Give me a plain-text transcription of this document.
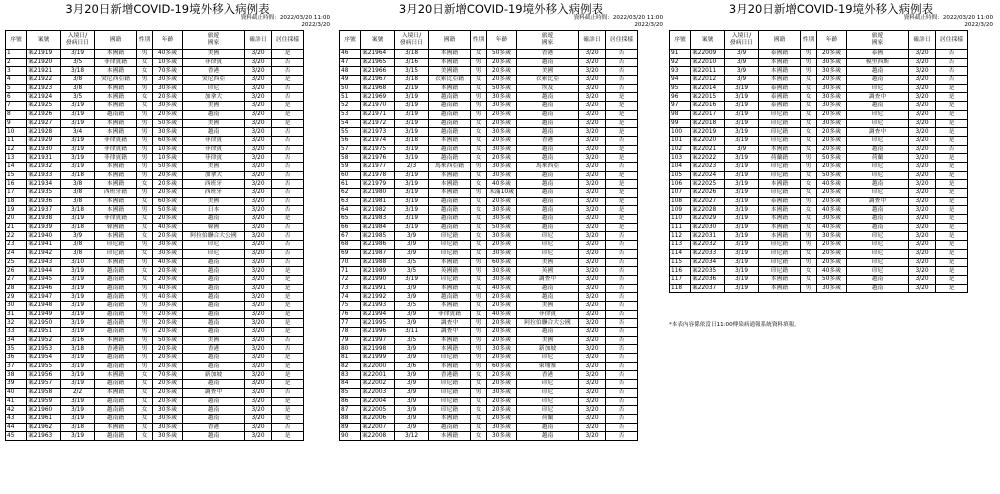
3月20日新增COVID-19境外移入病例表
資料截止時間：2022/03/20 11:00
2022/3/20
序號	案號	入境日/
發病日日	國籍	性別	年齡	旅遊
國家	確診日	居住採樣
1	案21919	3/19	本國籍	男	40多歲	美國	3/20	是
2	案21920	3/5	菲律賓籍	女	10多歲	菲律賓	3/20	否
3	案21921	3/18	本國籍	女	70多歲	香港	3/20	否
4	案21922	3/8	突尼西亞籍	男	30多歲	突尼西亞	3/20	是
5	案21923	3/8	本國籍	男	30多歲	印尼	3/20	否
6	案21924	3/5	本國籍	女	20多歲	加拿大	3/20	否
7	案21925	3/19	本國籍	女	30多歲	美國	3/20	是
8	案21926	3/19	越南籍	男	20多歲	越南	3/20	是
9	案21927	3/19	本國籍	男	50多歲	美國	3/20	是
10	案21928	3/4	本國籍	男	30多歲	越南	3/20	否
11	案21929	3/19	菲律賓籍	男	60多歲	菲律賓	3/20	否
12	案21930	3/19	菲律賓籍	男	10多歲	菲律賓	3/20	否
13	案21931	3/19	菲律賓籍	男	10多歲	菲律賓	3/20	否
14	案21932	3/19	本國籍	男	50多歲	美國	3/20	否
15	案21933	3/18	本國籍	男	20多歲	加拿大	3/20	否
16	案21934	3/8	本國籍	女	20多歲	西班牙	3/20	否
17	案21935	3/8	西班牙籍	男	20多歲	西班牙	3/20	否
18	案21936	3/8	本國籍	女	60多歲	美國	3/20	否
19	案21937	3/18	本國籍	男	50多歲	日本	3/20	否
20	案21938	3/19	菲律賓籍	女	20多歲	越南	3/20	是
21	案21939	3/18	韓國籍	女	40多歲	韓國	3/20	否
22	案21940	3/9	本國籍	女	20多歲	阿拉伯聯合大公國	3/20	否
23	案21941	3/8	印尼籍	男	30多歲	印尼	3/20	否
24	案21942	3/8	印尼籍	女	30多歲	印尼	3/20	否
25	案21943	3/10	本國籍	男	40多歲	越南	3/20	否
26	案21944	3/19	越南籍	女	20多歲	越南	3/20	是
27	案21945	3/19	越南籍	女	20多歲	越南	3/20	是
28	案21946	3/19	越南籍	男	40多歲	越南	3/20	是
29	案21947	3/19	越南籍	男	40多歲	越南	3/20	是
30	案21948	3/19	越南籍	男	30多歲	越南	3/20	是
31	案21949	3/19	越南籍	男	20多歲	越南	3/20	是
32	案21950	3/19	越南籍	男	20多歲	越南	3/20	是
33	案21951	3/19	越南籍	男	20多歲	越南	3/20	是
34	案21952	3/16	本國籍	男	50多歲	美國	3/20	否
35	案21953	3/18	香港籍	男	20多歲	香港	3/20	否
36	案21954	3/19	越南籍	男	20多歲	越南	3/20	是
37	案21955	3/19	越南籍	男	20多歲	越南	3/20	是
38	案21956	3/19	本國籍	女	70多歲	新加坡	3/20	是
39	案21957	3/19	越南籍	女	20多歲	越南	3/20	是
40	案21958	2/2	本國籍	女	20多歲	調查中	3/20	否
41	案21959	3/19	越南籍	女	20多歲	越南	3/20	是
42	案21960	3/19	越南籍	女	30多歲	越南	3/20	是
43	案21961	3/19	越南籍	女	30多歲	越南	3/20	是
44	案21962	3/18	本國籍	女	30多歲	香港	3/20	否
45	案21963	3/19	越南籍	女	30多歲	越南	3/20	是
3月20日新增COVID-19境外移入病例表
資料截止時間：2022/03/20 11:00
2022/3/20
序號	案號	入境日/
發病日日	國籍	性別	年齡	旅遊
國家	確診日	居住採樣
46	案21964	3/18	本國籍	女	50多歲	香港	3/20	否
47	案21965	3/16	本國籍	男	20多歲	越南	3/20	否
48	案21966	3/15	美國籍	男	20多歲	美國	3/20	否
49	案21967	3/18	衣索比亞籍	女	20多歲	衣索比亞	3/20	否
50	案21968	2/19	本國籍	女	50多歲	埃及	3/20	否
51	案21969	3/19	越南籍	男	30多歲	越南	3/20	是
52	案21970	3/19	越南籍	男	30多歲	越南	3/20	是
53	案21971	3/19	越南籍	男	20多歲	越南	3/20	是
54	案21972	3/19	越南籍	女	20多歲	越南	3/20	是
55	案21973	3/19	越南籍	女	30多歲	越南	3/20	是
56	案21974	3/18	本國籍	女	20多歲	香港	3/20	否
57	案21975	3/19	越南籍	女	30多歲	越南	3/20	是
58	案21976	3/19	越南籍	女	20多歲	越南	3/20	是
59	案21977	2/3	馬來西亞籍	男	30多歲	馬來西亞	3/20	否
60	案21978	3/19	本國籍	女	30多歲	越南	3/20	是
61	案21979	3/19	本國籍	女	40多歲	越南	3/20	是
62	案21980	3/19	本國籍	男	未滿10歲	越南	3/20	是
63	案21981	3/19	越南籍	女	20多歲	越南	3/20	是
64	案21982	3/19	越南籍	女	30多歲	越南	3/20	是
65	案21983	3/19	越南籍	女	30多歲	越南	3/20	是
66	案21984	3/19	越南籍	女	50多歲	越南	3/20	是
67	案21985	3/9	印尼籍	女	30多歲	印尼	3/20	否
68	案21986	3/9	印尼籍	女	20多歲	印尼	3/20	否
69	案21987	3/9	印尼籍	女	30多歲	印尼	3/20	否
70	案21988	3/5	本國籍	男	60多歲	美國	3/20	否
71	案21989	3/5	英國籍	男	30多歲	英國	3/20	否
72	案21990	3/19	印尼籍	女	30多歲	調查中	3/20	否
73	案21991	3/9	本國籍	女	40多歲	越南	3/20	否
74	案21992	3/9	越南籍	男	20多歲	越南	3/20	否
75	案21993	3/5	本國籍	女	20多歲	美國	3/20	否
76	案21994	3/9	菲律賓籍	女	40多歲	菲律賓	3/20	否
77	案21995	3/9	調查中	男	20多歲	阿拉伯聯合大公國	3/20	否
78	案21996	3/11	調查中	男	20多歲	越南	3/20	否
79	案21997	3/5	本國籍	男	20多歲	美國	3/20	否
80	案21998	3/9	本國籍	男	30多歲	新加坡	3/20	否
81	案21999	3/9	印尼籍	男	20多歲	印尼	3/20	否
82	案22000	3/6	本國籍	男	60多歲	柬埔寨	3/20	否
83	案22001	3/9	香港籍	女	20多歲	香港	3/20	否
84	案22002	3/9	印尼籍	女	20多歲	印尼	3/20	否
85	案22003	3/9	印尼籍	男	30多歲	印尼	3/20	否
86	案22004	3/9	印尼籍	女	20多歲	印尼	3/20	否
87	案22005	3/9	印尼籍	女	20多歲	印尼	3/20	否
88	案22006	3/9	本國籍	女	20多歲	荷蘭	3/20	否
89	案22007	3/9	越南籍	女	30多歲	越南	3/20	否
90	案22008	3/12	本國籍	女	30多歲	越南	3/20	否
3月20日新增COVID-19境外移入病例表
資料截止時間：2022/03/20 11:00
2022/3/20
序號	案號	入境日/
發病日日	國籍	性別	年齡	旅遊
國家	確診日	居住採樣
91	案22009	3/9	泰國籍	男	20多歲	泰國	3/20	否
92	案22010	3/9	本國籍	男	30多歲	模里西斯	3/20	否
93	案22011	3/9	本國籍	男	30多歲	越南	3/20	否
94	案22012	3/9	本國籍	女	20多歲	越南	3/20	否
95	案22014	3/19	泰國籍	女	30多歲	印尼	3/20	是
96	案22015	3/19	泰國籍	女	30多歲	調查中	3/20	是
97	案22016	3/19	泰國籍	女	30多歲	越南	3/20	是
98	案22017	3/19	印尼籍	女	20多歲	印尼	3/20	是
99	案22018	3/19	印尼籍	女	30多歲	印尼	3/20	是
100	案22019	3/19	印尼籍	女	20多歲	調查中	3/20	是
101	案22020	3/19	印尼籍	女	20多歲	印尼	3/20	是
102	案22021	3/9	本國籍	女	20多歲	越南	3/20	否
103	案22022	3/19	荷蘭籍	男	50多歲	荷蘭	3/20	是
104	案22023	3/19	印尼籍	男	20多歲	印尼	3/20	是
105	案22024	3/19	印尼籍	女	50多歲	印尼	3/20	是
106	案22025	3/19	本國籍	女	40多歲	越南	3/20	是
107	案22026	3/19	印尼籍	女	20多歲	印尼	3/20	是
108	案22027	3/19	泰國籍	男	20多歲	調查中	3/20	是
109	案22028	3/19	本國籍	女	40多歲	越南	3/20	是
110	案22029	3/19	本國籍	女	30多歲	越南	3/20	是
111	案22030	3/19	本國籍	女	40多歲	越南	3/20	是
112	案22031	3/19	本國籍	男	30多歲	印尼	3/20	是
113	案22032	3/19	印尼籍	男	20多歲	印尼	3/20	是
114	案22033	3/19	印尼籍	女	20多歲	印尼	3/20	是
115	案22034	3/19	印尼籍	男	20多歲	印尼	3/20	是
116	案22035	3/19	印尼籍	女	40多歲	印尼	3/20	是
117	案22036	3/19	本國籍	女	50多歲	越南	3/20	是
118	案22037	3/19	本國籍	男	30多歲	越南	3/20	是
*本表內容係依當日11:00傳染病通報系統資料填報。
